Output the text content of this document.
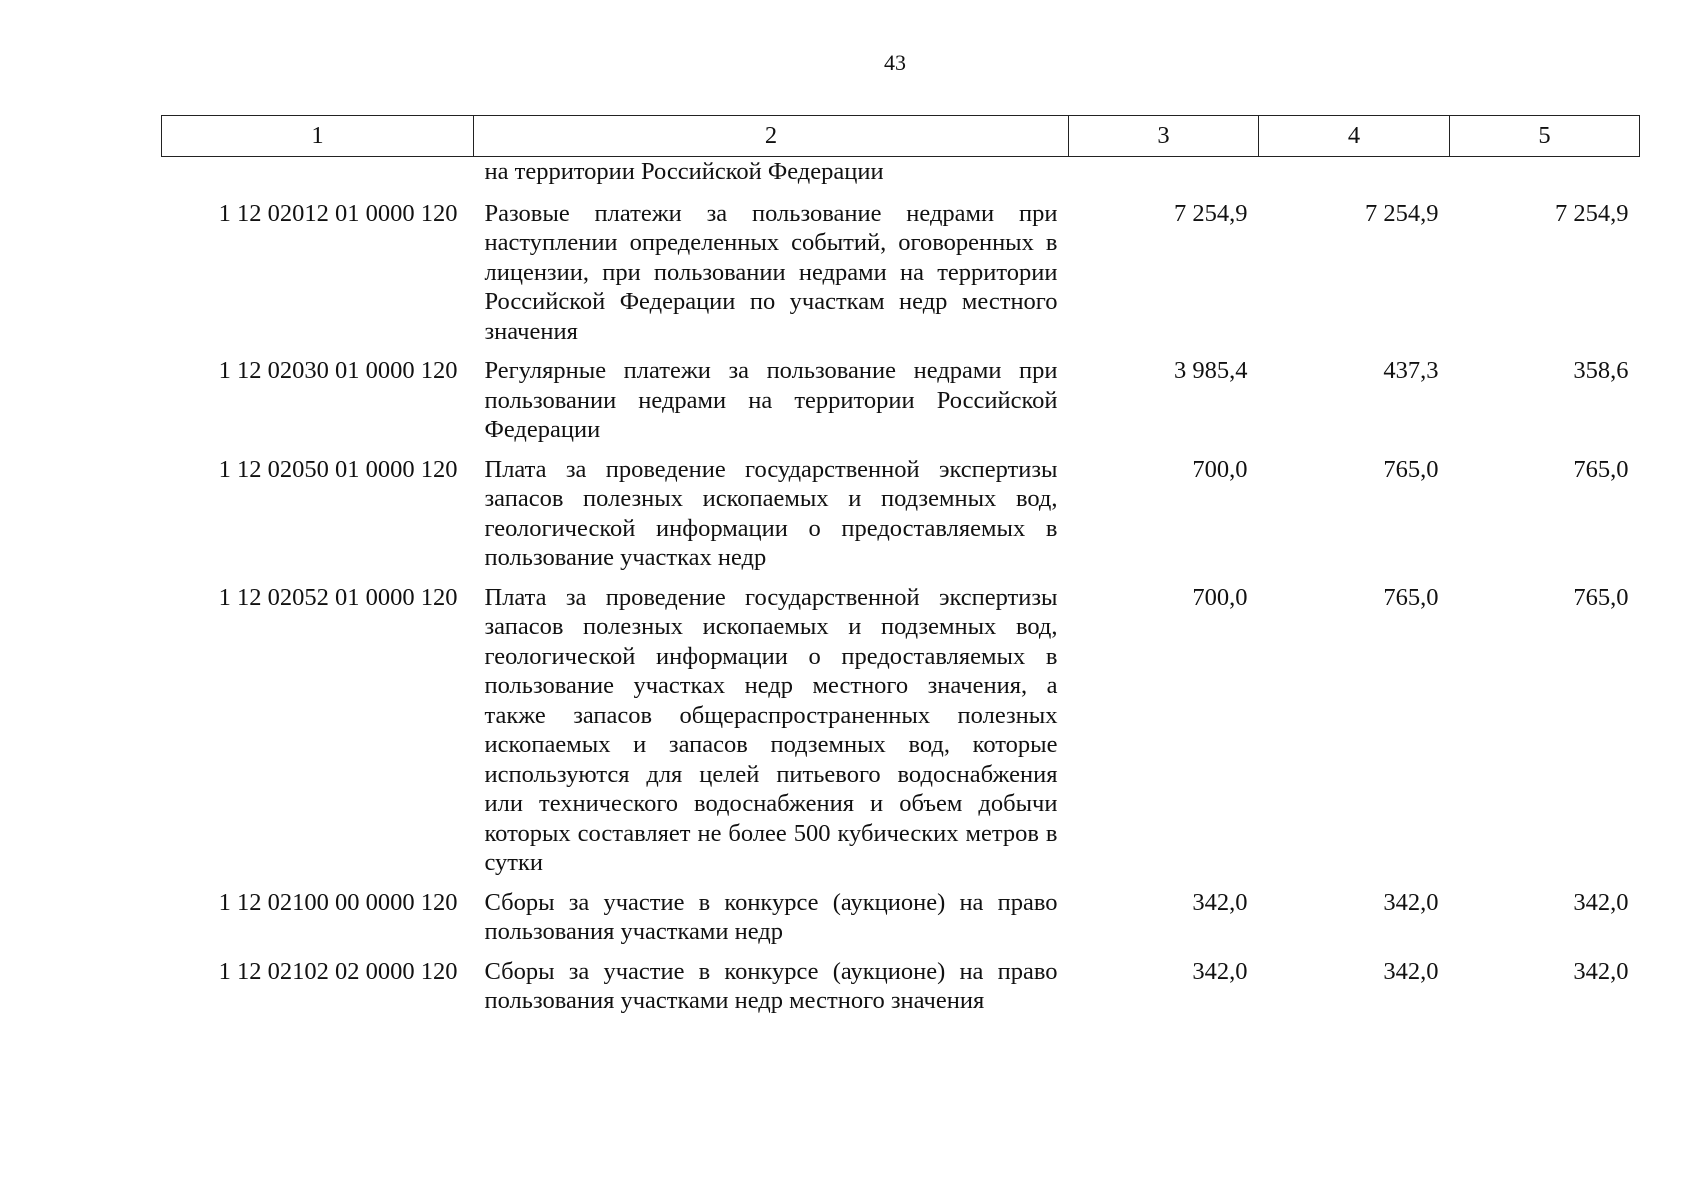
43
1	2	3	4	5
	на территории Российской Федерации			
1 12 02012 01 0000 120	Разовые платежи за пользование недрами при наступлении определенных событий, оговоренных в лицензии, при пользовании недрами на территории Российской Федерации по участкам недр местного значения	7 254,9	7 254,9	7 254,9
1 12 02030 01 0000 120	Регулярные платежи за пользование недрами при пользовании недрами на территории Российской Федерации	3 985,4	437,3	358,6
1 12 02050 01 0000 120	Плата за проведение государственной экспертизы запасов полезных ископаемых и подземных вод, геологической информации о предоставляемых в пользование участках недр	700,0	765,0	765,0
1 12 02052 01 0000 120	Плата за проведение государственной экспертизы запасов полезных ископаемых и подземных вод, геологической информации о предоставляемых в пользование участках недр местного значения, а также запасов общераспространенных полезных ископаемых и запасов подземных вод, которые используются для целей питьевого водоснабжения или технического водоснабжения и объем добычи которых составляет не более 500 кубических метров в сутки	700,0	765,0	765,0
1 12 02100 00 0000 120	Сборы за участие в конкурсе (аукционе) на право пользования участками недр	342,0	342,0	342,0
1 12 02102 02 0000 120	Сборы за участие в конкурсе (аукционе) на право пользования участками недр местного значения	342,0	342,0	342,0
